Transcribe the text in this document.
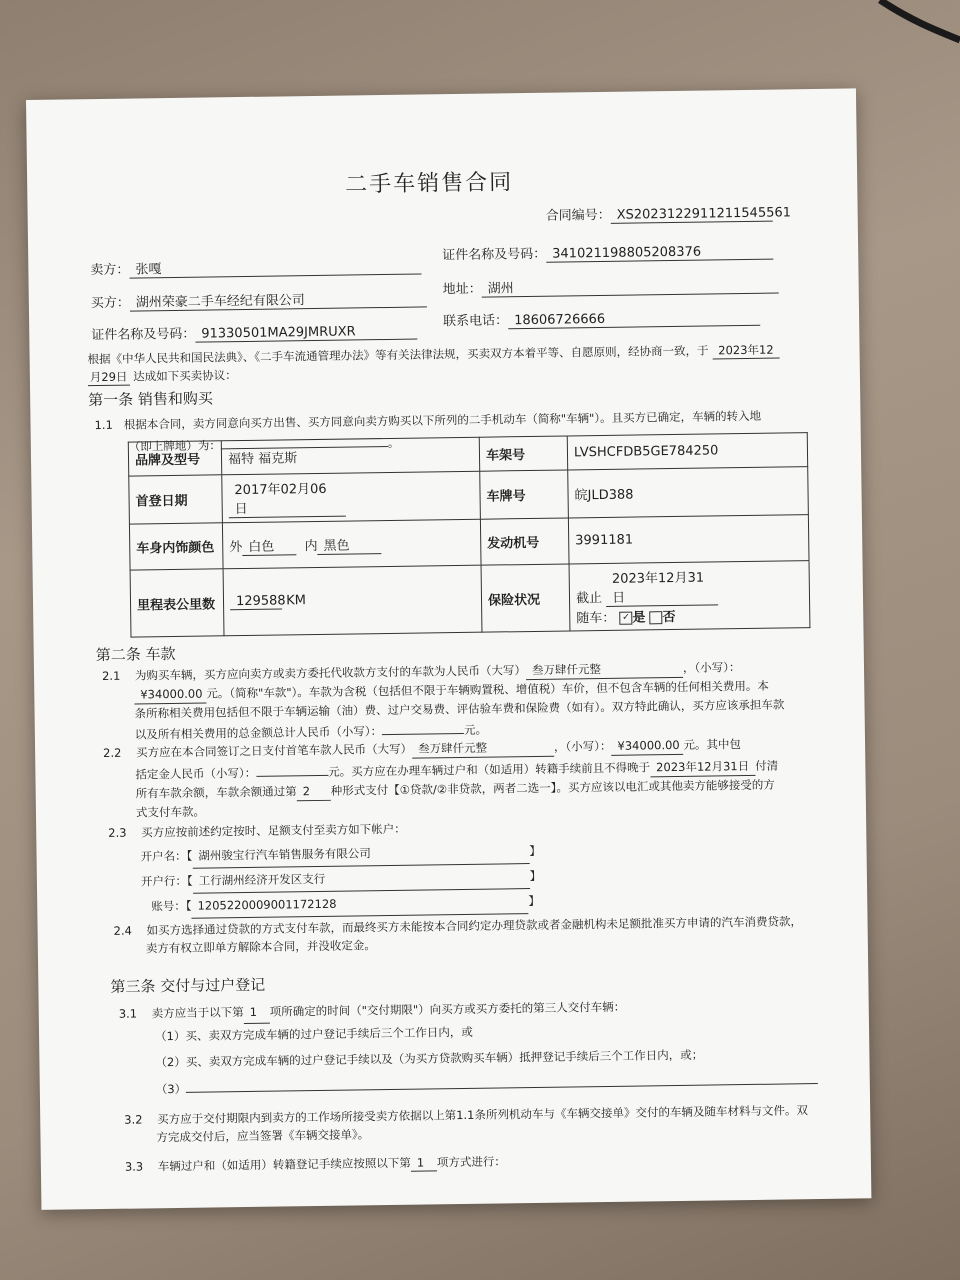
二手车销售合同
合同编号： XS2023122911211545561
卖方： 张嘎
证件名称及号码： 341021198805208376
买方： 湖州荣豪二手车经纪有限公司
地址： 湖州
证件名称及号码： 91330501MA29JMRUXR
联系电话： 18606726666
根据《中华人民共和国民法典》、《二手车流通管理办法》等有关法律法规，买卖双方本着平等、自愿原则，经协商一致，于 2023年12
月29日 达成如下买卖协议：
第一条 销售和购买
1.1 根据本合同，卖方同意向买方出售、买方同意向卖方购买以下所列的二手机动车（简称"车辆"）。且买方已确定，车辆的转入地
（即上牌地）为：	。
品牌及型号	福特 福克斯	车架号	LVSHCFDB5GE784250
首登日期	2017年02月06日	车牌号	皖JLD388
车身内饰颜色	外 白色 内 黑色	发动机号	3991181
里程表公里数	129588 KM	保险状况	截止 2023年12月31日
随车： ✓ 是 否
第二条 车款
2.1 为购买车辆，买方应向卖方或卖方委托代收款方支付的车款为人民币（大写） 叁万肆仟元整	，（小写）：
¥34000.00 元。（简称"车款"）。车款为含税（包括但不限于车辆购置税、增值税）车价，但不包含车辆的任何相关费用。本
条所称相关费用包括但不限于车辆运输（油）费、过户交易费、评估验车费和保险费（如有）。双方特此确认，买方应该承担车款
以及所有相关费用的总金额总计人民币（小写）：	元。
2.2 买方应在本合同签订之日支付首笔车款人民币（大写） 叁万肆仟元整	，（小写）： ¥34000.00 元。其中包
括定金人民币（小写）：	元。买方应在办理车辆过户和（如适用）转籍手续前且不得晚于 2023年12月31日 付清
所有车款余额，车款余额通过第 2 种形式支付【①贷款/②非贷款，两者二选一】。买方应该以电汇或其他卖方能够接受的方
式支付车款。
2.3 买方应按前述约定按时、足额支付至卖方如下帐户：
开户名：【 湖州骏宝行汽车销售服务有限公司	】
开户行：【 工行湖州经济开发区支行	】
账号：【 1205220009001172128	】
2.4 如买方选择通过贷款的方式支付车款，而最终买方未能按本合同约定办理贷款或者金融机构未足额批准买方申请的汽车消费贷款，
卖方有权立即单方解除本合同，并没收定金。
第三条 交付与过户登记
3.1 卖方应当于以下第 1 项所确定的时间（"交付期限"）向买方或买方委托的第三人交付车辆：
（1）买、卖双方完成车辆的过户登记手续后三个工作日内，或
（2）买、卖双方完成车辆的过户登记手续以及（为买方贷款购买车辆）抵押登记手续后三个工作日内，或；
（3）
3.2 买方应于交付期限内到卖方的工作场所接受卖方依据以上第1.1条所列机动车与《车辆交接单》交付的车辆及随车材料与文件。双
方完成交付后，应当签署《车辆交接单》。
3.3 车辆过户和（如适用）转籍登记手续应按照以下第 1 项方式进行：
